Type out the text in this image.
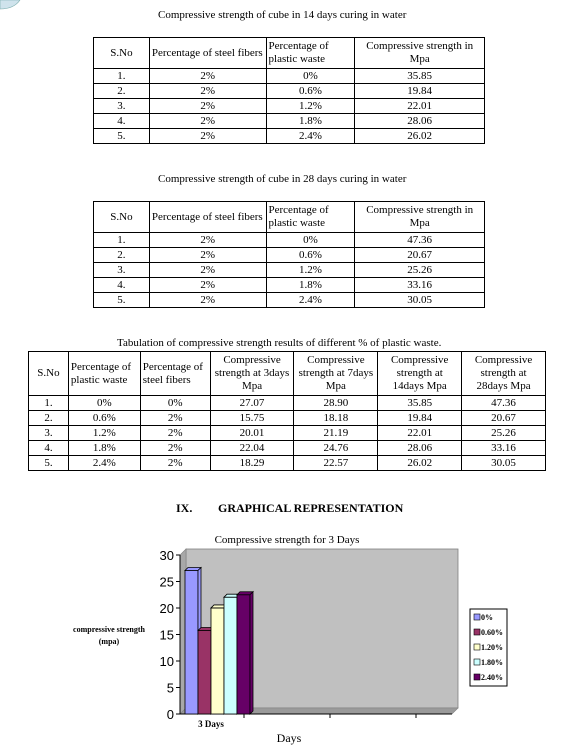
Compressive strength of cube in 14 days curing in water
S.No	Percentage of steel fibers	Percentage of plastic waste	Compressive strength in Mpa
1.	2%	0%	35.85
2.	2%	0.6%	19.84
3.	2%	1.2%	22.01
4.	2%	1.8%	28.06
5.	2%	2.4%	26.02
Compressive strength of cube in 28 days curing in water
S.No	Percentage of steel fibers	Percentage of plastic waste	Compressive strength in Mpa
1.	2%	0%	47.36
2.	2%	0.6%	20.67
3.	2%	1.2%	25.26
4.	2%	1.8%	33.16
5.	2%	2.4%	30.05
Tabulation of compressive strength results of different % of plastic waste.
S.No	Percentage of plastic waste	Percentage of steel fibers	Compressive strength at 3days Mpa	Compressive strength at 7days Mpa	Compressive strength at 14days Mpa	Compressive strength at 28days Mpa
1.	0%	0%	27.07	28.90	35.85	47.36
2.	0.6%	2%	15.75	18.18	19.84	20.67
3.	1.2%	2%	20.01	21.19	22.01	25.26
4.	1.8%	2%	22.04	24.76	28.06	33.16
5.	2.4%	2%	18.29	22.57	26.02	30.05
IX. GRAPHICAL REPRESENTATION
Compressive strength for 3 Days
0
5
10
15
20
25
30
3 Days
Days
compressive strength (mpa)
0%
0.60%
1.20%
1.80%
2.40%
